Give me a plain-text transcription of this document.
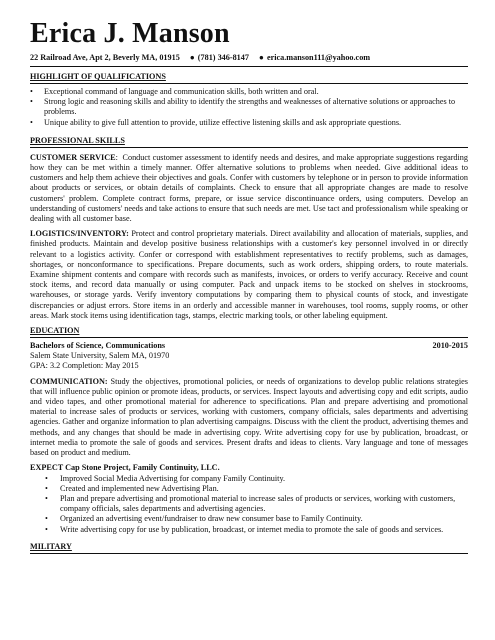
Erica J. Manson
22 Railroad Ave, Apt 2, Beverly MA, 01915 ● (781) 346-8147 ● erica.manson111@yahoo.com
HIGHLIGHT OF QUALIFICATIONS
• Exceptional command of language and communication skills, both written and oral.
• Strong logic and reasoning skills and ability to identify the strengths and weaknesses of alternative solutions or approaches to problems.
• Unique ability to give full attention to provide, utilize effective listening skills and ask appropriate questions.
PROFESSIONAL SKILLS
CUSTOMER SERVICE:  Conduct customer assessment to identify needs and desires, and make appropriate suggestions regarding how they can be met within a timely manner. Offer alternative solutions to problems when needed. Give additional ideas to customers and help them achieve their objectives and goals. Confer with customers by telephone or in person to provide information about products or services, or obtain details of complaints. Check to ensure that all appropriate changes are made to resolve customers' problem. Complete contract forms, prepare, or issue service discontinuance orders, using computers. Develop an understanding of customers' needs and take actions to ensure that such needs are met. Use tact and professionalism while speaking or dealing with all customer base.
LOGISTICS/INVENTORY: Protect and control proprietary materials. Direct availability and allocation of materials, supplies, and finished products. Maintain and develop positive business relationships with a customer's key personnel involved in or directly relevant to a logistics activity. Confer or correspond with establishment representatives to rectify problems, such as damages, shortages, or nonconformance to specifications. Prepare documents, such as work orders, shipping orders, to route materials. Examine shipment contents and compare with records such as manifests, invoices, or orders to verify accuracy. Receive and count stock items, and record data manually or using computer. Pack and unpack items to be stocked on shelves in stockrooms, warehouses, or storage yards. Verify inventory computations by comparing them to physical counts of stock, and investigate discrepancies or adjust errors. Store items in an orderly and accessible manner in warehouses, tool rooms, supply rooms, or other areas. Mark stock items using identification tags, stamps, electric marking tools, or other labeling equipment.
EDUCATION
Bachelors of Science, Communications	2010-2015
Salem State University, Salem MA, 01970
GPA: 3.2 Completion: May 2015
COMMUNICATION: Study the objectives, promotional policies, or needs of organizations to develop public relations strategies that will influence public opinion or promote ideas, products, or services. Inspect layouts and advertising copy and edit scripts, audio and video tapes, and other promotional material for adherence to specifications. Plan and prepare advertising and promotional material to increase sales of products or services, working with customers, company officials, sales departments and advertising agencies. Gather and organize information to plan advertising campaigns. Discuss with the client the product, advertising themes and methods, and any changes that should be made in advertising copy. Write advertising copy for use by publication, broadcast, or internet media to promote the sale of goods and services. Present drafts and ideas to clients. Vary language and tone of messages based on product and medium.
EXPECT Cap Stone Project, Family Continuity, LLC.
• Improved Social Media Advertising for company Family Continuity.
• Created and implemented new Advertising Plan.
• Plan and prepare advertising and promotional material to increase sales of products or services, working with customers, company officials, sales departments and advertising agencies.
• Organized an advertising event/fundraiser to draw new consumer base to Family Continuity.
• Write advertising copy for use by publication, broadcast, or internet media to promote the sale of goods and services.
MILITARY
